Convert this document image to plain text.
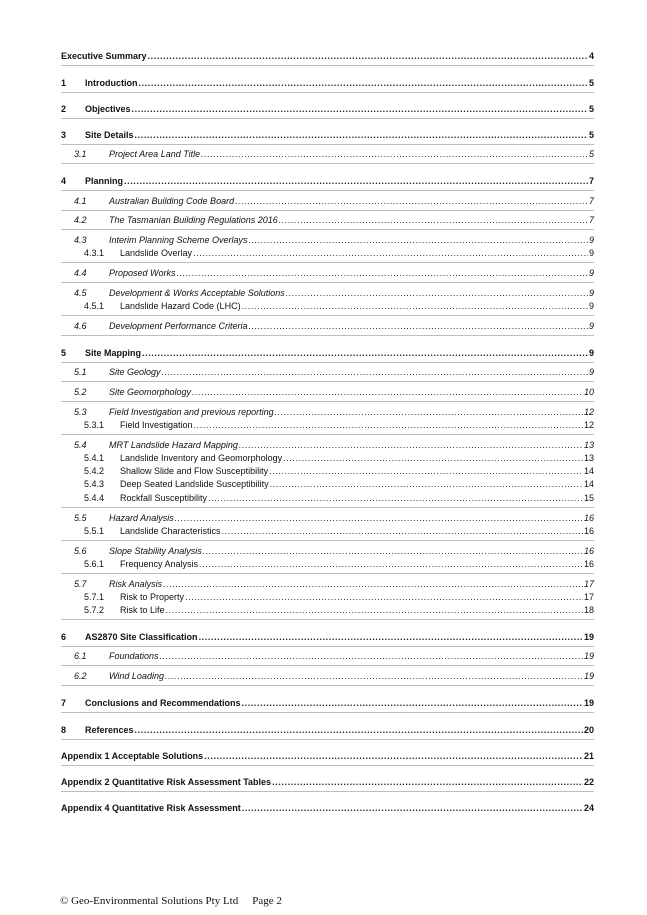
Executive Summary .....	4
1 Introduction .....	5
2 Objectives .....	5
3 Site Details .....	5
3.1 Project Area Land Title .....	5
4 Planning .....	7
4.1 Australian Building Code Board .....	7
4.2 The Tasmanian Building Regulations 2016 .....	7
4.3 Interim Planning Scheme Overlays .....	9
4.3.1 Landslide Overlay .....	9
4.4 Proposed Works .....	9
4.5 Development & Works Acceptable Solutions .....	9
4.5.1 Landslide Hazard Code (LHC) .....	9
4.6 Development Performance Criteria .....	9
5 Site Mapping .....	9
5.1 Site Geology .....	9
5.2 Site Geomorphology .....	10
5.3 Field Investigation and previous reporting .....	12
5.3.1 Field Investigation .....	12
5.4 MRT Landslide Hazard Mapping .....	13
5.4.1 Landslide Inventory and Geomorphology .....	13
5.4.2 Shallow Slide and Flow Susceptibility .....	14
5.4.3 Deep Seated Landslide Susceptibility .....	14
5.4.4 Rockfall Susceptibility .....	15
5.5 Hazard Analysis .....	16
5.5.1 Landslide Characteristics .....	16
5.6 Slope Stability Analysis .....	16
5.6.1 Frequency Analysis .....	16
5.7 Risk Analysis .....	17
5.7.1 Risk to Property .....	17
5.7.2 Risk to Life .....	18
6 AS2870 Site Classification .....	19
6.1 Foundations .....	19
6.2 Wind Loading .....	19
7 Conclusions and Recommendations .....	19
8 References .....	20
Appendix 1 Acceptable Solutions .....	21
Appendix 2 Quantitative Risk Assessment Tables .....	22
Appendix 4 Quantitative Risk Assessment .....	24
© Geo-Environmental Solutions Pty Ltd Page 2
